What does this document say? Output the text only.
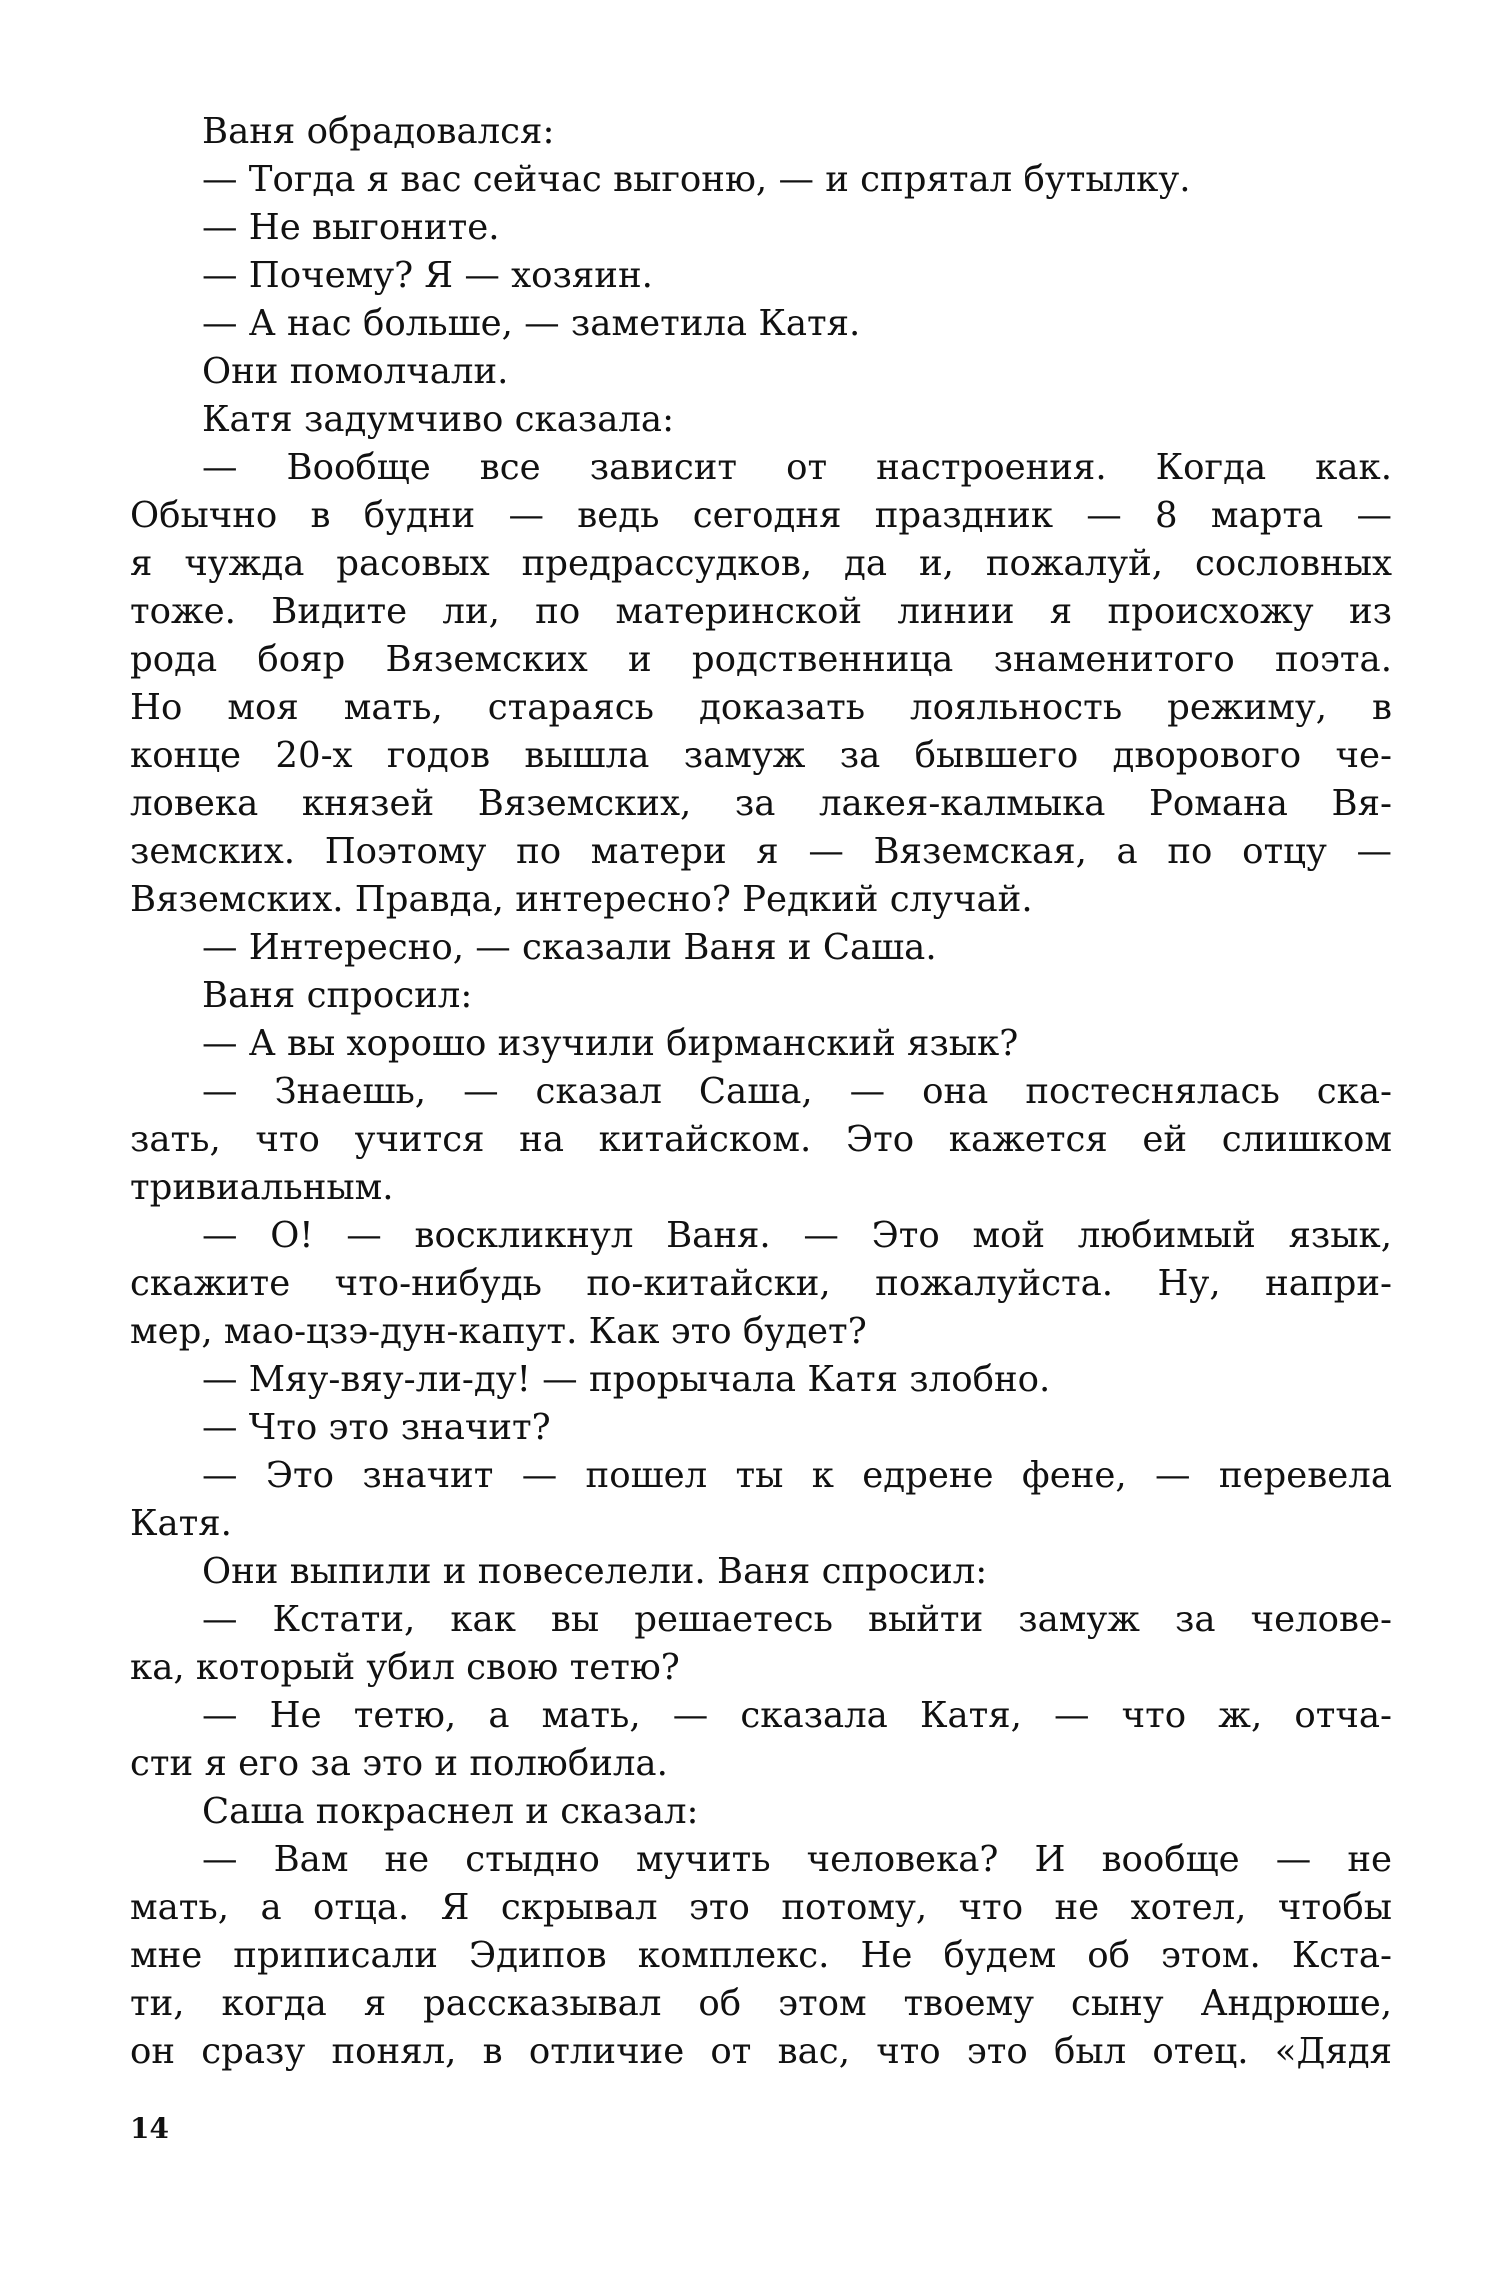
Ваня обрадовался:
— Тогда я вас сейчас выгоню, — и спрятал бутылку.
— Не выгоните.
— Почему? Я — хозяин.
— А нас больше, — заметила Катя.
Они помолчали.
Катя задумчиво сказала:
— Вообще все зависит от настроения. Когда как.
Обычно в будни — ведь сегодня праздник — 8 марта —
я чужда расовых предрассудков, да и, пожалуй, сословных
тоже. Видите ли, по материнской линии я происхожу из
рода бояр Вяземских и родственница знаменитого поэта.
Но моя мать, стараясь доказать лояльность режиму, в
конце 20-х годов вышла замуж за бывшего дворового че-
ловека князей Вяземских, за лакея-калмыка Романа Вя-
земских. Поэтому по матери я — Вяземская, а по отцу —
Вяземских. Правда, интересно? Редкий случай.
— Интересно, — сказали Ваня и Саша.
Ваня спросил:
— А вы хорошо изучили бирманский язык?
— Знаешь, — сказал Саша, — она постеснялась ска-
зать, что учится на китайском. Это кажется ей слишком
тривиальным.
— О! — воскликнул Ваня. — Это мой любимый язык,
скажите что-нибудь по-китайски, пожалуйста. Ну, напри-
мер, мао-цзэ-дун-капут. Как это будет?
— Мяу-вяу-ли-ду! — прорычала Катя злобно.
— Что это значит?
— Это значит — пошел ты к едрене фене, — перевела
Катя.
Они выпили и повеселели. Ваня спросил:
— Кстати, как вы решаетесь выйти замуж за челове-
ка, который убил свою тетю?
— Не тетю, а мать, — сказала Катя, — что ж, отча-
сти я его за это и полюбила.
Саша покраснел и сказал:
— Вам не стыдно мучить человека? И вообще — не
мать, а отца. Я скрывал это потому, что не хотел, чтобы
мне приписали Эдипов комплекс. Не будем об этом. Кста-
ти, когда я рассказывал об этом твоему сыну Андрюше,
он сразу понял, в отличие от вас, что это был отец. «Дядя
14
